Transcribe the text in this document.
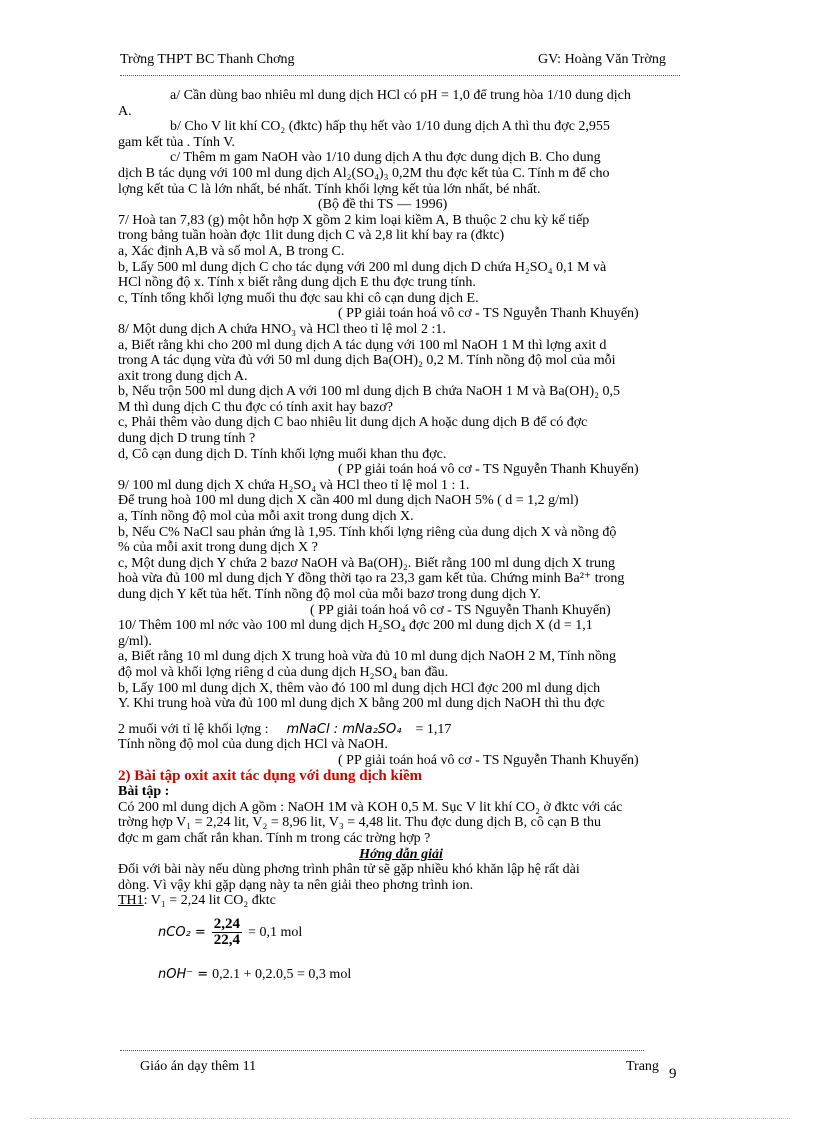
Trờng THPT BC Thanh Chơng	GV: Hoàng Văn Trờng

a/ Cần dùng bao nhiêu ml dung dịch HCl có pH = 1,0 để trung hòa 1/10 dung dịch

A.

b/ Cho V lit khí CO₂ (đktc) hấp thụ hết vào 1/10 dung dịch A thì thu đợc 2,955

gam kết tủa . Tính V.

c/ Thêm m gam NaOH vào 1/10 dung dịch A thu đợc dung dịch B. Cho dung

dịch B tác dụng với 100 ml dung dịch Al₂(SO₄)₃ 0,2M thu đợc kết tủa C. Tính m để cho

lợng kết tủa C là lớn nhất, bé nhất. Tính khối lợng kết tủa lớn nhất, bé nhất.

(Bộ đề thi TS — 1996)

7/ Hoà tan 7,83 (g) một hỗn hợp X gồm 2 kim loại kiềm A, B thuộc 2 chu kỳ kế tiếp

trong bảng tuần hoàn đợc 1lit dung dịch C và 2,8 lit khí bay ra (đktc)

a, Xác định A,B và số mol A, B trong C.

b, Lấy 500 ml dung dịch C cho tác dụng với 200 ml dung dịch D chứa H₂SO₄ 0,1 M và

HCl nồng độ x. Tính x biết rằng dung dịch E thu đợc trung tính.

c, Tính tổng khối lợng muối thu đợc sau khi cô cạn dung dịch E.

( PP giải toán hoá vô cơ - TS Nguyễn Thanh Khuyến)

8/ Một dung dịch A chứa HNO₃ và HCl theo tỉ lệ mol 2 :1.

a, Biết rằng khi cho 200 ml dung dịch A tác dụng với 100 ml NaOH 1 M thì lợng axit d

trong A tác dụng vừa đủ với 50 ml dung dịch Ba(OH)₂ 0,2 M. Tính nồng độ mol của mỗi

axit trong dung dịch A.

b, Nếu trộn 500 ml dung dịch A với 100 ml dung dịch B chứa NaOH 1 M và Ba(OH)₂ 0,5

M thì dung dịch C thu đợc có tính axit hay bazơ?

c, Phải thêm vào dung dịch C bao nhiêu lit dung dịch A hoặc dung dịch B để có đợc

dung dịch D trung tính ?

d, Cô cạn dung dịch D. Tính khối lợng muối khan thu đợc.

( PP giải toán hoá vô cơ - TS Nguyễn Thanh Khuyến)

9/ 100 ml dung dịch X chứa H₂SO₄ và HCl theo tỉ lệ mol 1 : 1.

Để trung hoà 100 ml dung dịch X cần 400 ml dung dịch NaOH 5% ( d = 1,2 g/ml)

a, Tính nồng độ mol của mỗi axit trong dung dịch X.

b, Nếu C% NaCl sau phản ứng là 1,95. Tính khối lợng riêng của dung dịch X và nồng độ

% của mỗi axit trong dung dịch X ?

c, Một dung dịch Y chứa 2 bazơ NaOH và Ba(OH)₂. Biết rằng 100 ml dung dịch X trung

hoà vừa đủ 100 ml dung dịch Y đồng thời tạo ra 23,3 gam kết tủa. Chứng minh Ba²⁺ trong

dung dịch Y kết tủa hết. Tính nồng độ mol của mỗi bazơ trong dung dịch Y.

( PP giải toán hoá vô cơ - TS Nguyễn Thanh Khuyến)

10/ Thêm 100 ml nớc vào 100 ml dung dịch H₂SO₄ đợc 200 ml dung dịch X (d = 1,1

g/ml).

a, Biết rằng 10 ml dung dịch X trung hoà vừa đủ 10 ml dung dịch NaOH 2 M, Tính nồng

độ mol và khối lợng riêng d của dung dịch H₂SO₄ ban đầu.

b, Lấy 100 ml dung dịch X, thêm vào đó 100 ml dung dịch HCl đợc 200 ml dung dịch

Y. Khi trung hoà vừa đủ 100 ml dung dịch X bằng 200 ml dung dịch NaOH thì thu đợc

2 muối với tỉ lệ khối lợng : mNaCl : mNa₂SO₄ = 1,17

Tính nồng độ mol của dung dịch HCl và NaOH.

( PP giải toán hoá vô cơ - TS Nguyễn Thanh Khuyến)

2) Bài tập oxit axit tác dụng với dung dịch kiềm

Bài tập :

Có 200 ml dung dịch A gồm : NaOH 1M và KOH 0,5 M. Sục V lit khí CO₂ ở đktc với các

trờng hợp V₁ = 2,24 lit, V₂ = 8,96 lit, V₃ = 4,48 lit. Thu đợc dung dịch B, cô cạn B thu

đợc m gam chất rắn khan. Tính m trong các trờng hợp ?

Hớng dẫn giải

Đối với bài này nếu dùng phơng trình phân tử sẽ gặp nhiều khó khăn lập hệ rất dài

dòng. Vì vậy khi gặp dạng này ta nên giải theo phơng trình ion.

TH1: V₁ = 2,24 lit CO₂ đktc

$nCO_2 = \frac{2,24}{22,4} = 0,1$ mol
nOH⁻ = 0,2.1 + 0,2.0,5 = 0,3 mol
Giáo án dạy thêm 11	Trang 9
